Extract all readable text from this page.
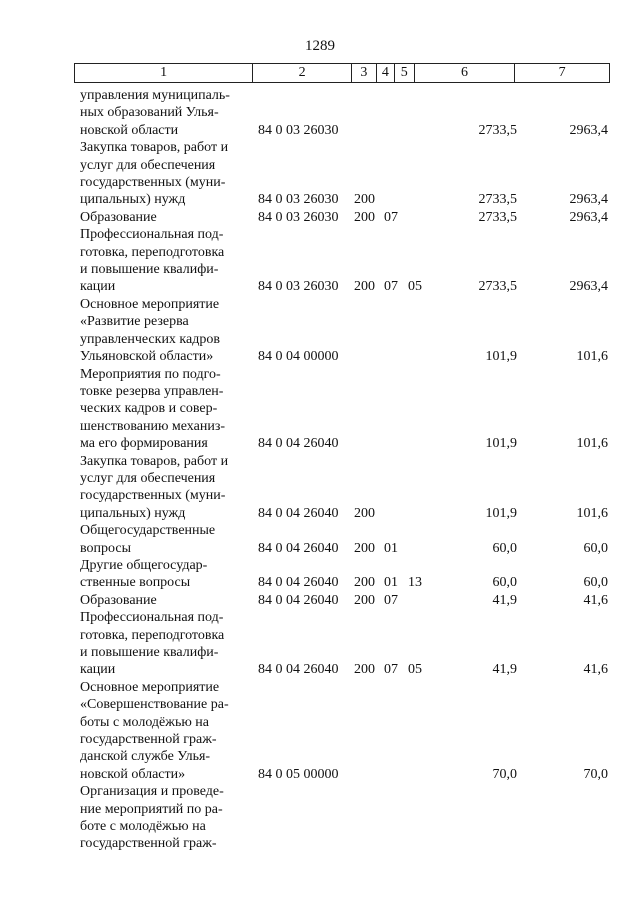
1289
1	2	3	4 5	6	7
управления муниципаль-
ных образований Улья-
новской области	84 0 03 26030	2733,5	2963,4
Закупка товаров, работ и
услуг для обеспечения
государственных (муни-
ципальных) нужд	84 0 03 26030 200	2733,5	2963,4
Образование	84 0 03 26030 200 07	2733,5	2963,4
Профессиональная под-
готовка, переподготовка
и повышение квалифи-
кации	84 0 03 26030 200 07 05	2733,5	2963,4
Основное мероприятие
«Развитие резерва
управленческих кадров
Ульяновской области»	84 0 04 00000	101,9	101,6
Мероприятия по подго-
товке резерва управлен-
ческих кадров и совер-
шенствованию механиз-
ма его формирования	84 0 04 26040	101,9	101,6
Закупка товаров, работ и
услуг для обеспечения
государственных (муни-
ципальных) нужд	84 0 04 26040 200	101,9	101,6
Общегосударственные
вопросы	84 0 04 26040 200 01	60,0	60,0
Другие общегосудар-
ственные вопросы	84 0 04 26040 200 01 13	60,0	60,0
Образование	84 0 04 26040 200 07	41,9	41,6
Профессиональная под-
готовка, переподготовка
и повышение квалифи-
кации	84 0 04 26040 200 07 05	41,9	41,6
Основное мероприятие
«Совершенствование ра-
боты с молодёжью на
государственной граж-
данской службе Улья-
новской области»	84 0 05 00000	70,0	70,0
Организация и проведе-
ние мероприятий по ра-
боте с молодёжью на
государственной граж-
